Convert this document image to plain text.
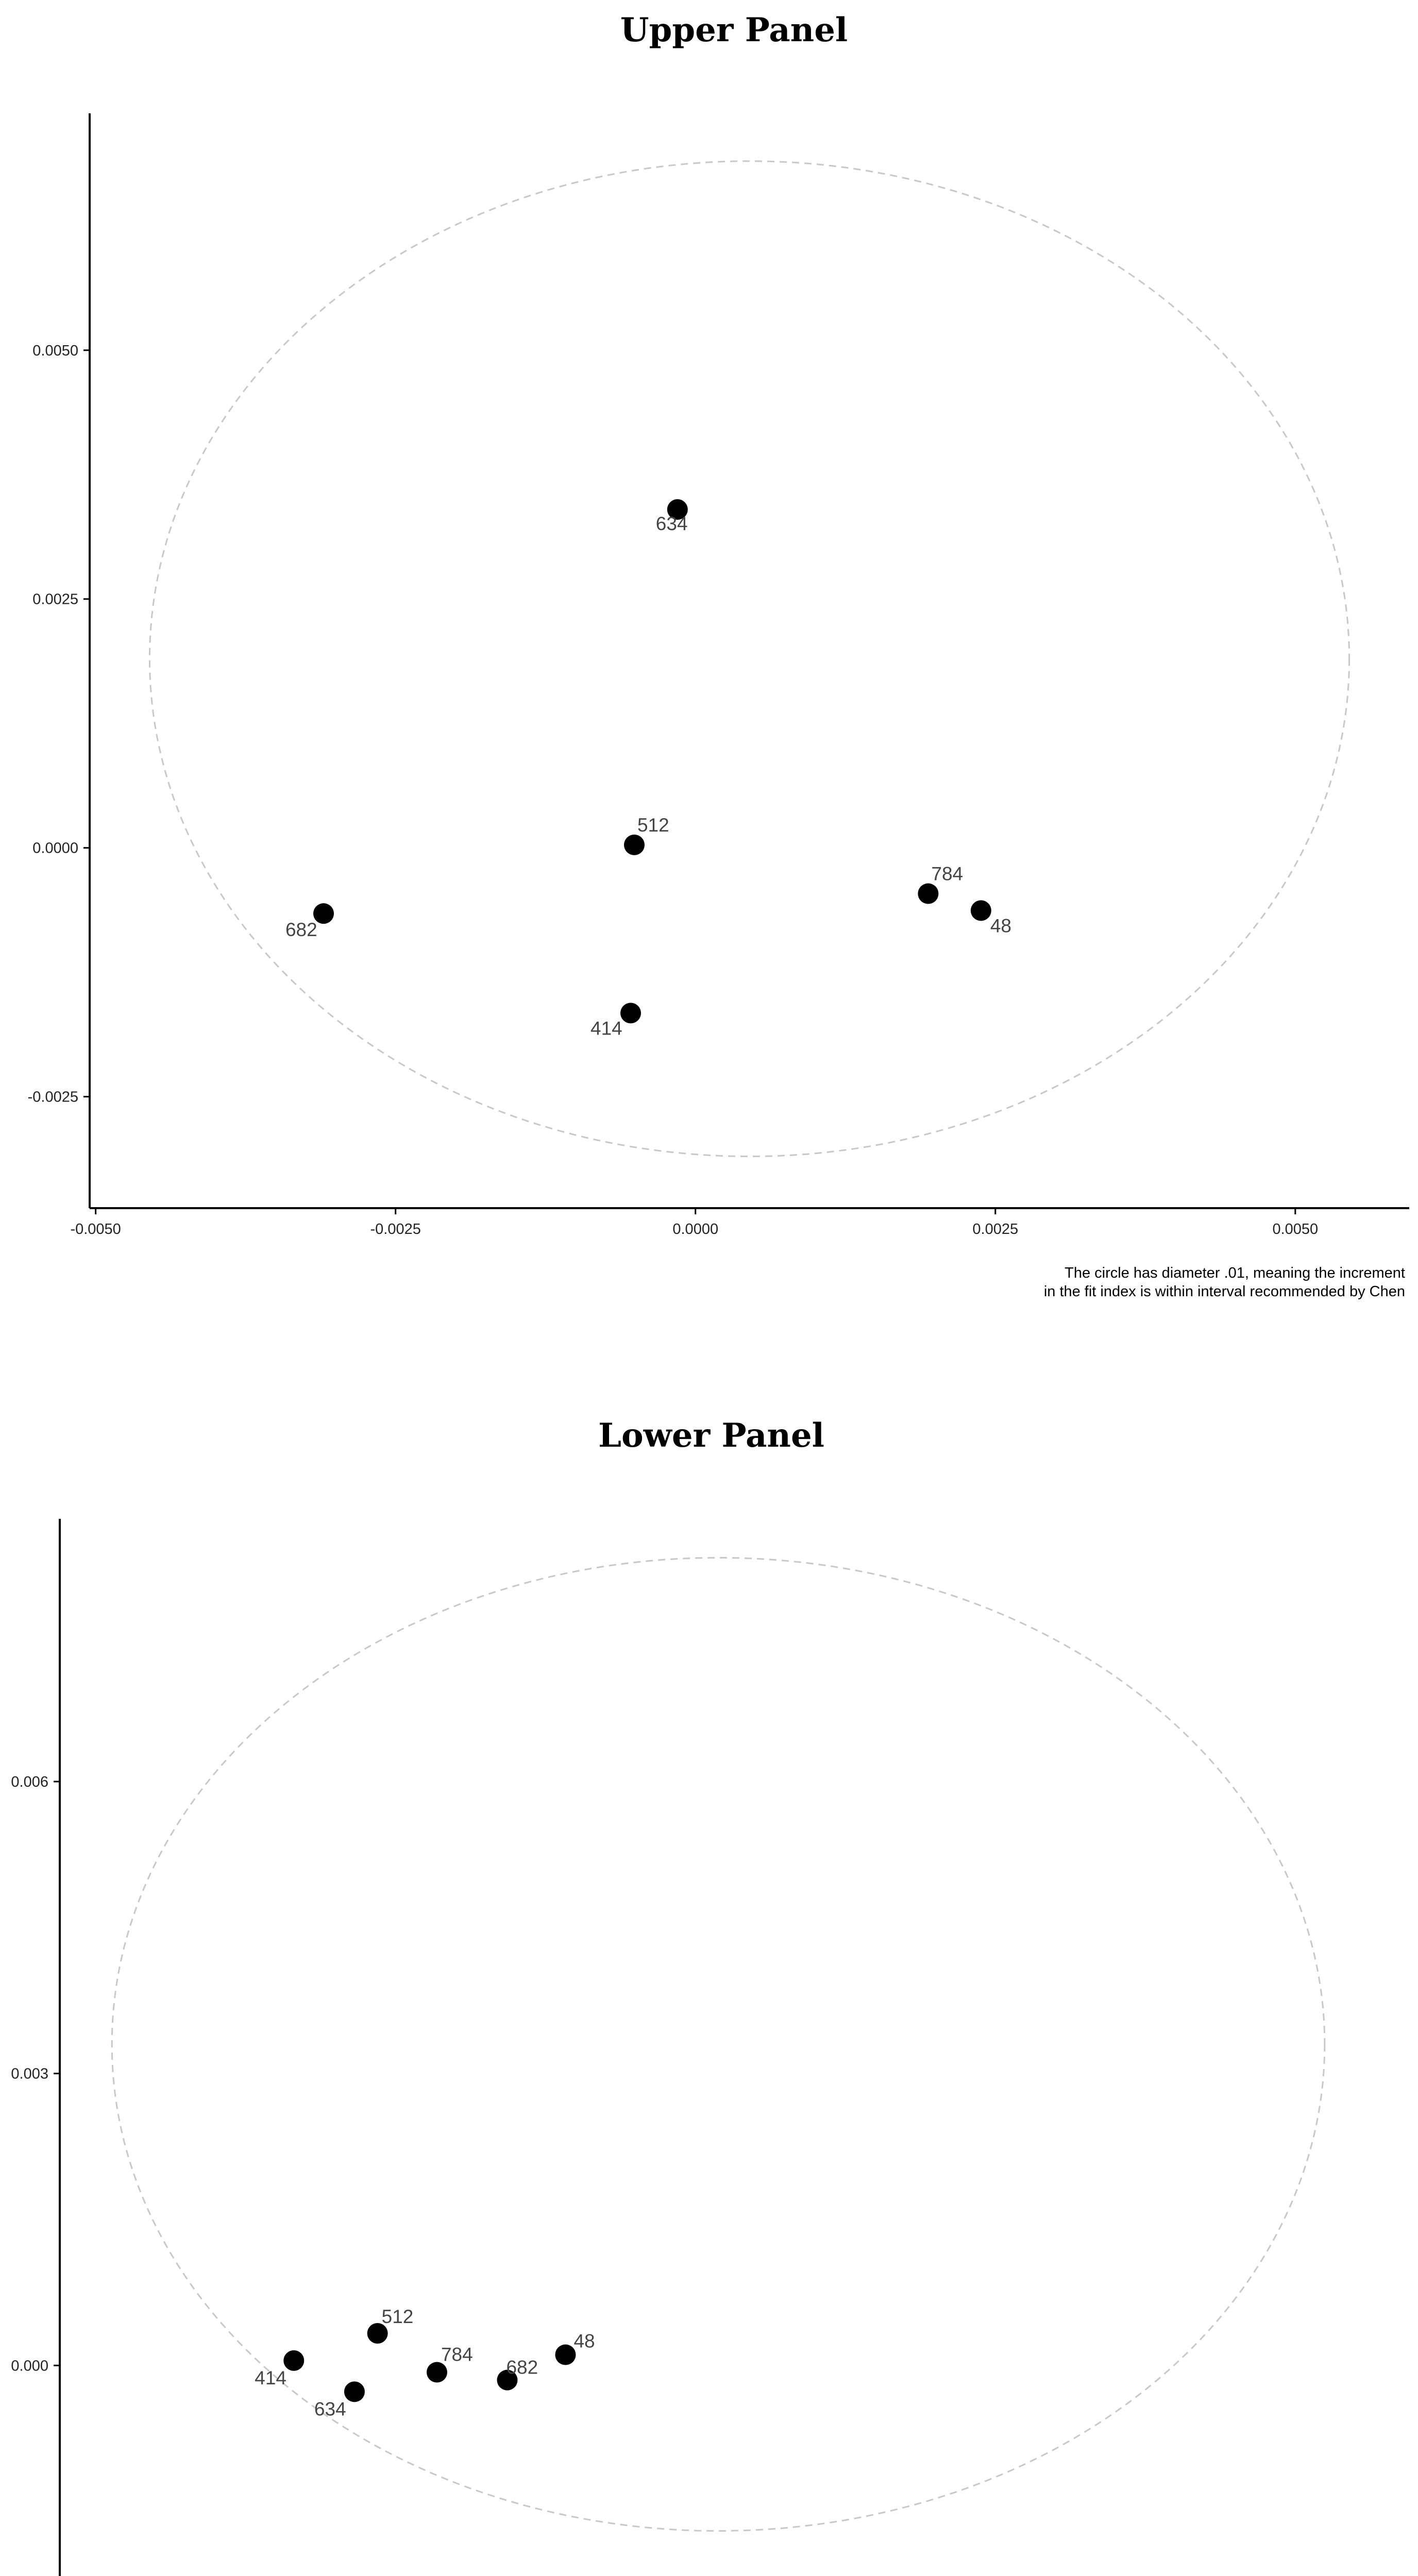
Upper Panel
-0.0050	-0.0025	0.0000	0.0025	0.0050
-0.0025
0.0000
0.0025
0.0050
634
512
784
48
682
414
The circle has diameter .01, meaning the increment
in the fit index is within interval recommended by Chen
Lower Panel
0.000
0.003
0.006
512
48
414
784
682
634
